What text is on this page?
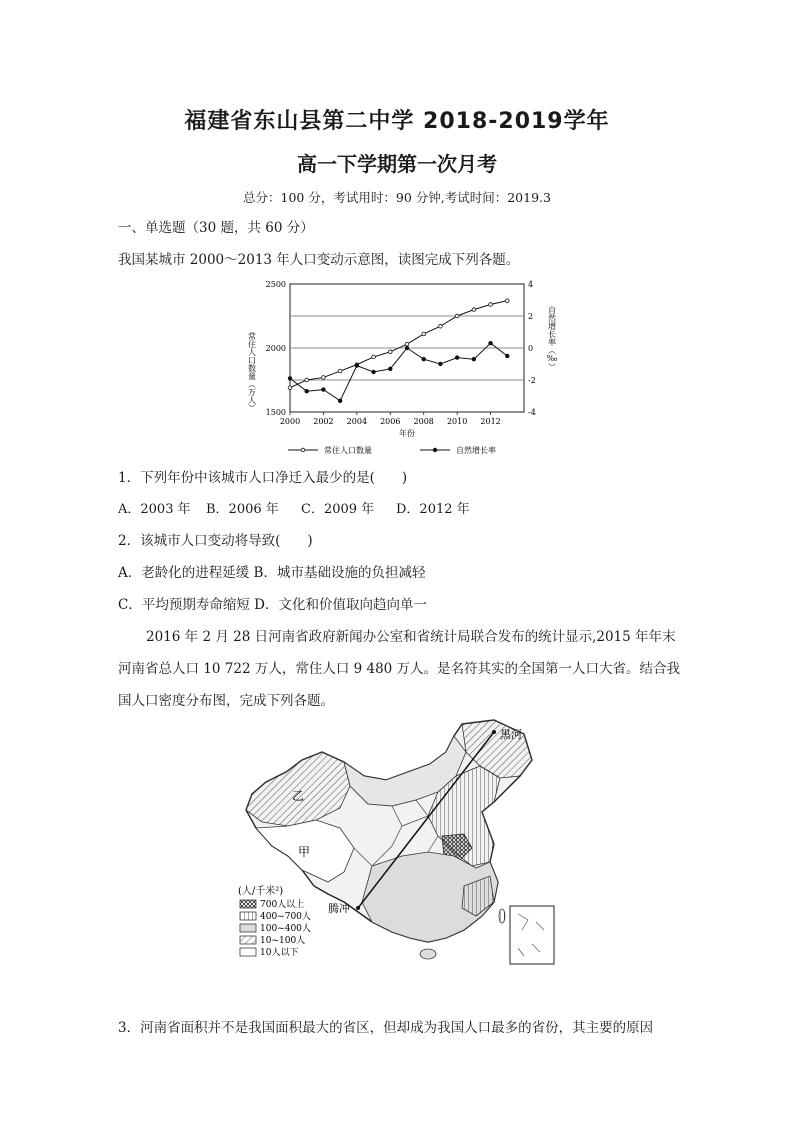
福建省东山县第二中学 2018-2019学年
高一下学期第一次月考
总分：100 分，考试用时：90 分钟,考试时间：2019.3
一、单选题（30 题，共 60 分）
我国某城市 2000～2013 年人口变动示意图，读图完成下列各题。
1500
2000
2500
-4
-2
0
2
4
2000 2002 2004 2006 2008 2010 2012
年份
常住人口数量（万人）	自然增长率（‰）
常住人口数量	自然增长率
1．下列年份中该城市人口净迁入最少的是(　　)
A．2003 年 B．2006 年 C．2009 年 D．2012 年
2．该城市人口变动将导致(　　)
A．老龄化的进程延缓 B．城市基础设施的负担减轻
C．平均预期寿命缩短 D．文化和价值取向趋向单一
2016 年 2 月 28 日河南省政府新闻办公室和省统计局联合发布的统计显示,2015 年年末
河南省总人口 10 722 万人，常住人口 9 480 万人。是名符其实的全国第一人口大省。结合我
国人口密度分布图，完成下列各题。
黑河
腾冲
乙
甲
(人/千米²)
700人以上
400~700人
100~400人
10~100人
10人以下
3．河南省面积并不是我国面积最大的省区，但却成为我国人口最多的省份，其主要的原因
